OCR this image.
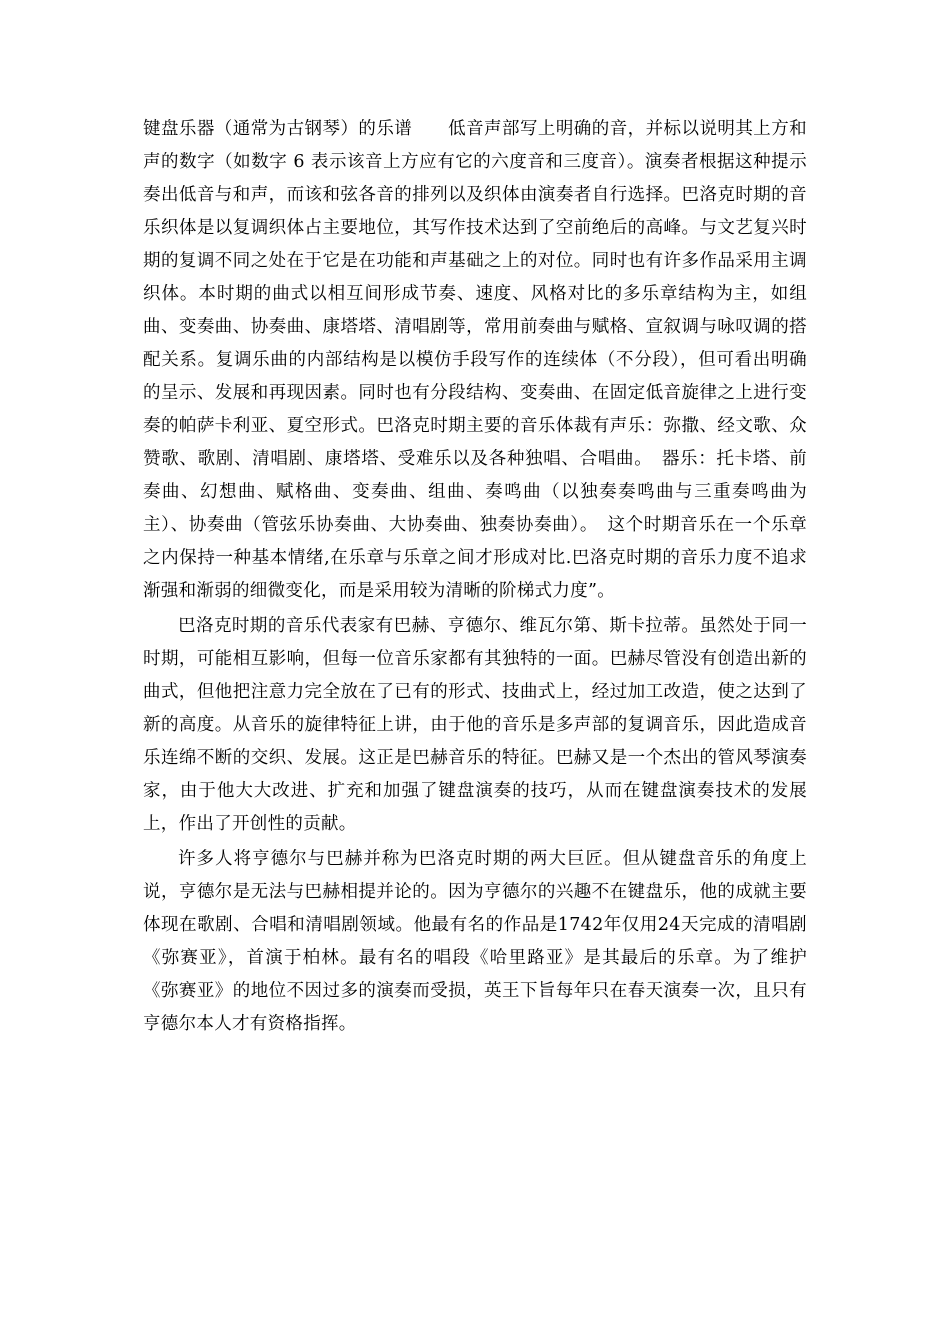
键盘乐器（通常为古钢琴）的乐谱　　低音声部写上明确的音，并标以说明其上方和声的数字（如数字 6 表示该音上方应有它的六度音和三度音）。演奏者根据这种提示奏出低音与和声，而该和弦各音的排列以及织体由演奏者自行选择。巴洛克时期的音乐织体是以复调织体占主要地位，其写作技术达到了空前绝后的高峰。与文艺复兴时期的复调不同之处在于它是在功能和声基础之上的对位。同时也有许多作品采用主调织体。本时期的曲式以相互间形成节奏、速度、风格对比的多乐章结构为主，如组曲、变奏曲、协奏曲、康塔塔、清唱剧等，常用前奏曲与赋格、宣叙调与咏叹调的搭配关系。复调乐曲的内部结构是以模仿手段写作的连续体（不分段），但可看出明确的呈示、发展和再现因素。同时也有分段结构、变奏曲、在固定低音旋律之上进行变奏的帕萨卡利亚、夏空形式。巴洛克时期主要的音乐体裁有声乐：弥撒、经文歌、众赞歌、歌剧、清唱剧、康塔塔、受难乐以及各种独唱、合唱曲。　器乐：托卡塔、前奏曲、幻想曲、赋格曲、变奏曲、组曲、奏鸣曲（以独奏奏鸣曲与三重奏鸣曲为主）、协奏曲（管弦乐协奏曲、大协奏曲、独奏协奏曲）。　这个时期音乐在一个乐章之内保持一种基本情绪,在乐章与乐章之间才形成对比.巴洛克时期的音乐力度不追求渐强和渐弱的细微变化，而是采用较为清晰的阶梯式力度”。

巴洛克时期的音乐代表家有巴赫、亨德尔、维瓦尔第、斯卡拉蒂。虽然处于同一时期，可能相互影响，但每一位音乐家都有其独特的一面。巴赫尽管没有创造出新的曲式，但他把注意力完全放在了已有的形式、技曲式上，经过加工改造，使之达到了新的高度。从音乐的旋律特征上讲，由于他的音乐是多声部的复调音乐，因此造成音乐连绵不断的交织、发展。这正是巴赫音乐的特征。巴赫又是一个杰出的管风琴演奏家，由于他大大改进、扩充和加强了键盘演奏的技巧，从而在键盘演奏技术的发展上，作出了开创性的贡献。

许多人将亨德尔与巴赫并称为巴洛克时期的两大巨匠。但从键盘音乐的角度上说，亨德尔是无法与巴赫相提并论的。因为亨德尔的兴趣不在键盘乐，他的成就主要体现在歌剧、合唱和清唱剧领域。他最有名的作品是1742年仅用24天完成的清唱剧《弥赛亚》，首演于柏林。最有名的唱段《哈里路亚》是其最后的乐章。为了维护《弥赛亚》的地位不因过多的演奏而受损，英王下旨每年只在春天演奏一次，且只有亨德尔本人才有资格指挥。
